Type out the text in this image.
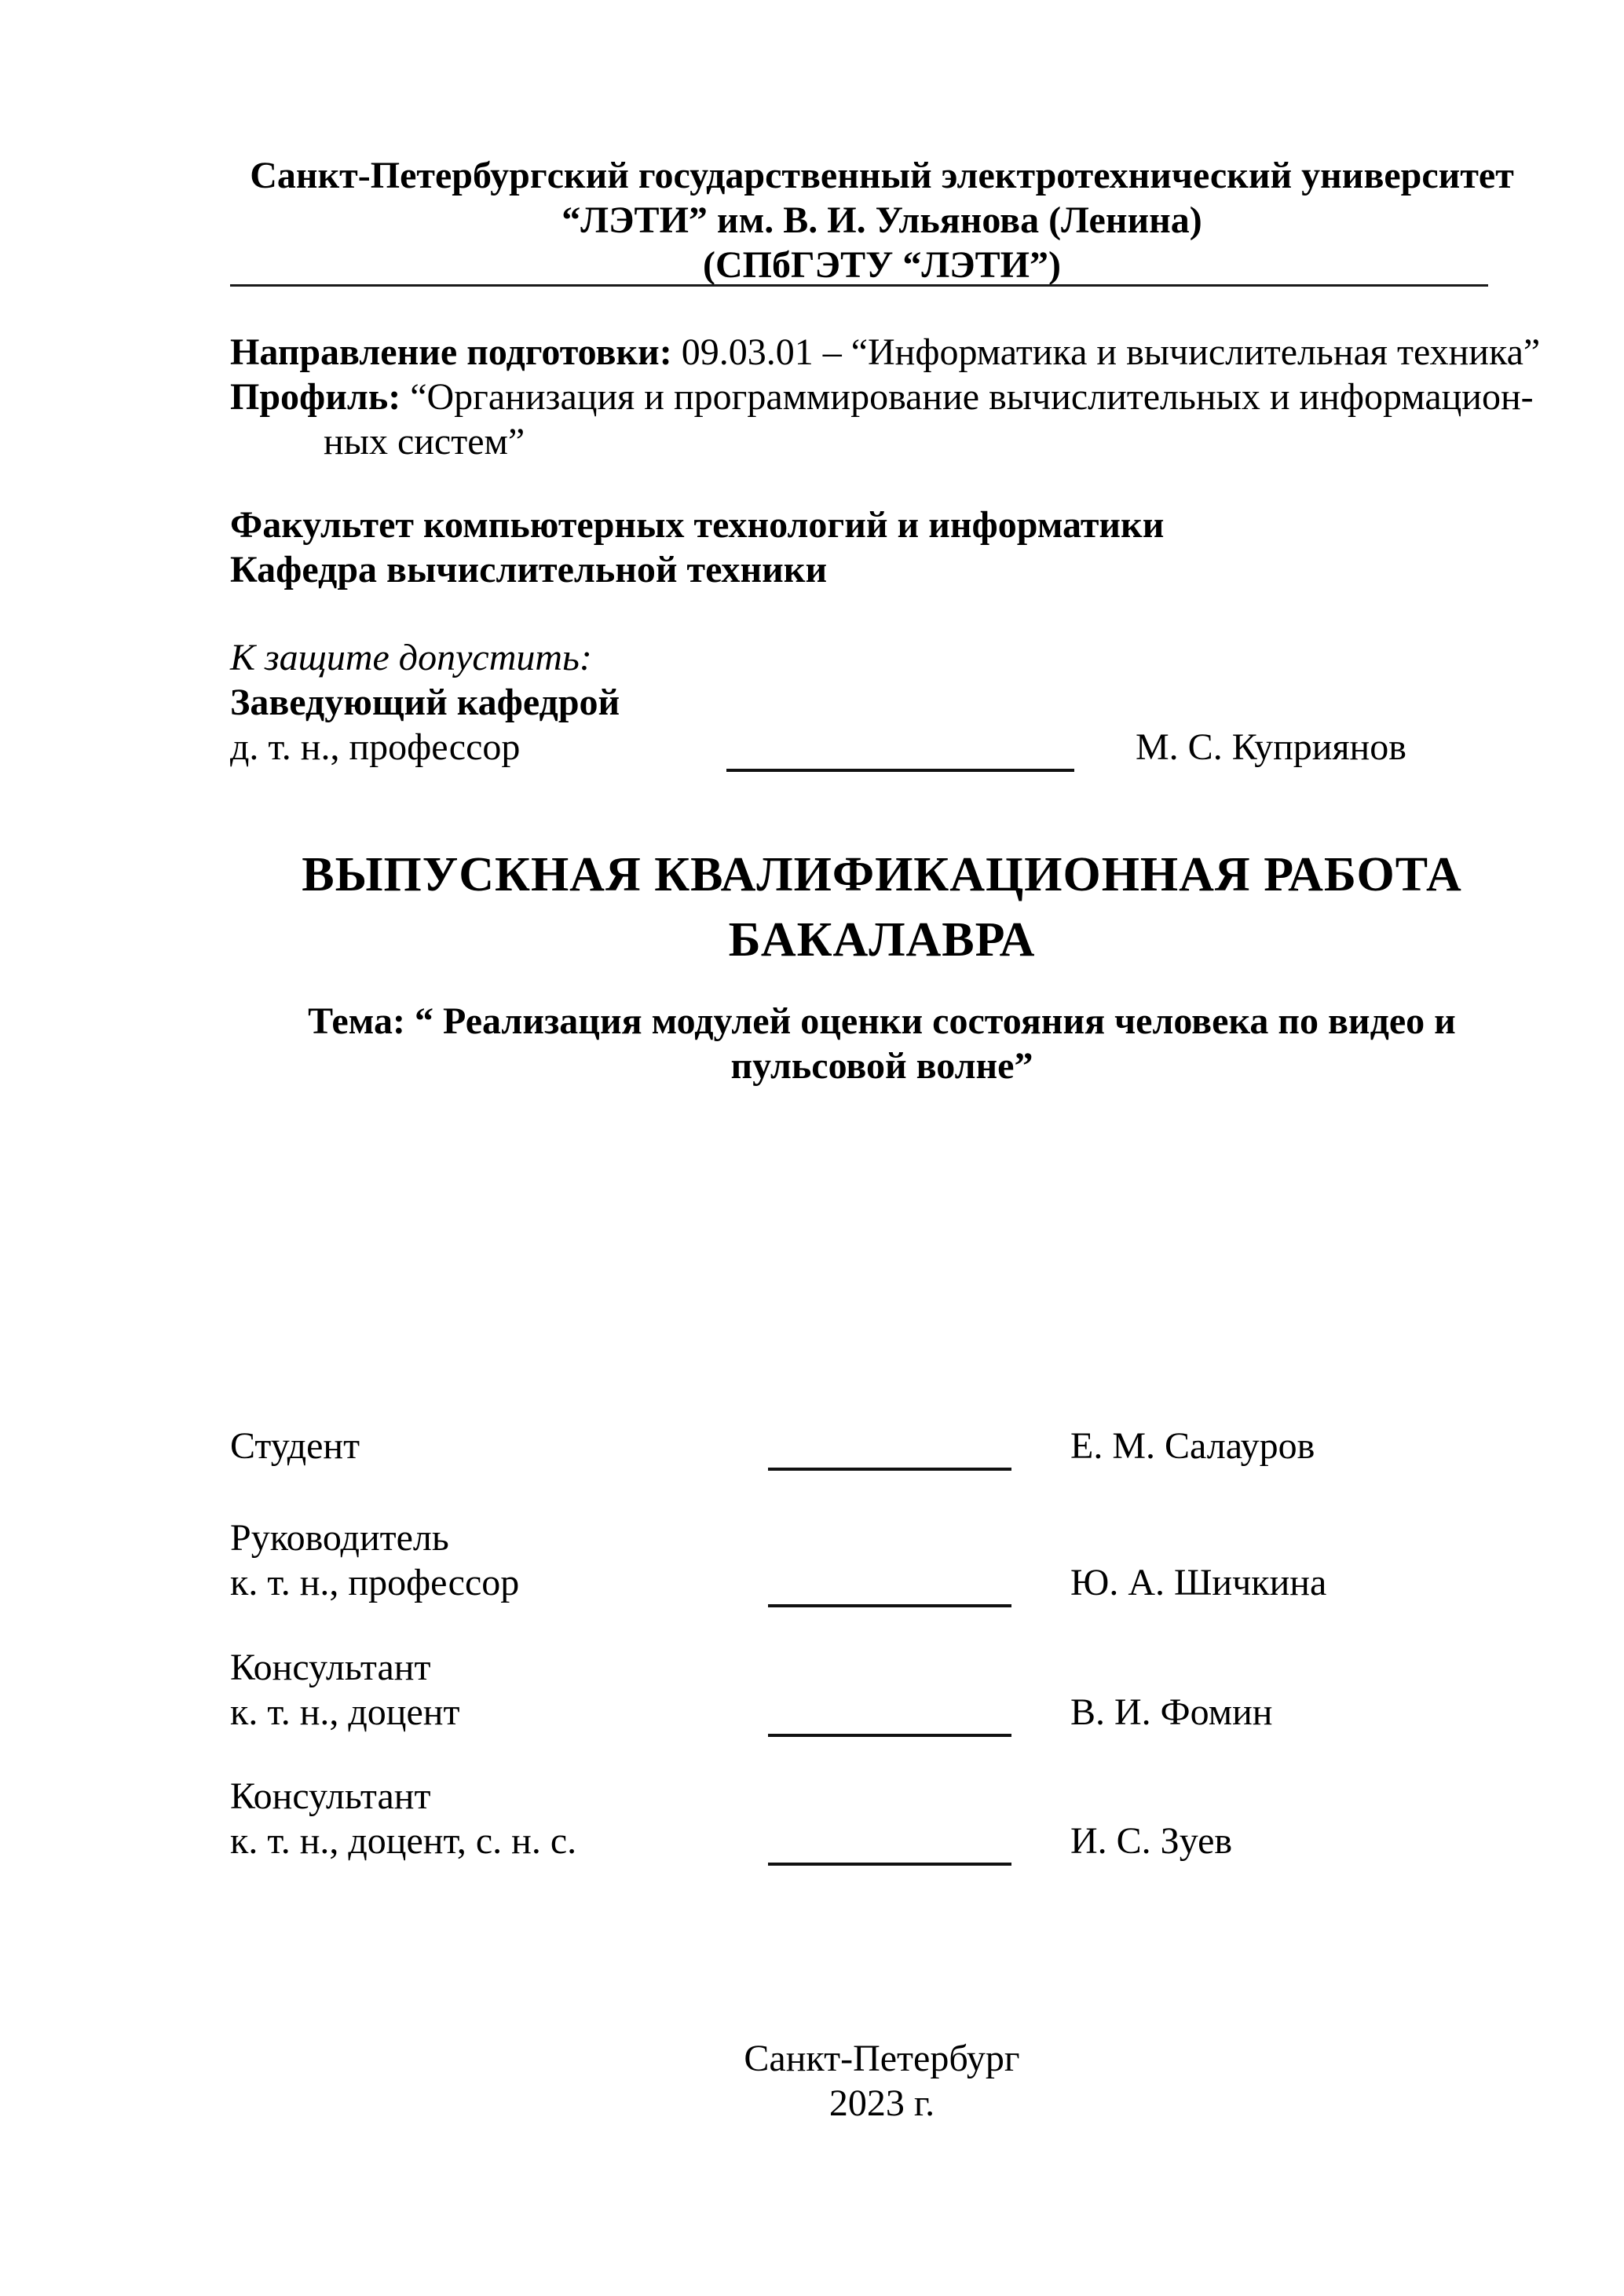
Санкт-Петербургский государственный электротехнический университет
“ЛЭТИ” им. В. И. Ульянова (Ленина)
(СПбГЭТУ “ЛЭТИ”)
Направление подготовки: 09.03.01 – “Информатика и вычислительная техника”
Профиль: “Организация и программирование вычислительных и информацион-
ных систем”
Факультет компьютерных технологий и информатики
Кафедра вычислительной техники
К защите допустить:
Заведующий кафедрой
д. т. н., профессор	М. С. Куприянов
ВЫПУСКНАЯ КВАЛИФИКАЦИОННАЯ РАБОТА
БАКАЛАВРА
Тема: “ Реализация модулей оценки состояния человека по видео и
пульсовой волне”
Студент	Е. М. Салауров
Руководитель
к. т. н., профессор	Ю. А. Шичкина
Консультант
к. т. н., доцент	В. И. Фомин
Консультант
к. т. н., доцент, с. н. с.	И. С. Зуев
Санкт-Петербург
2023 г.
